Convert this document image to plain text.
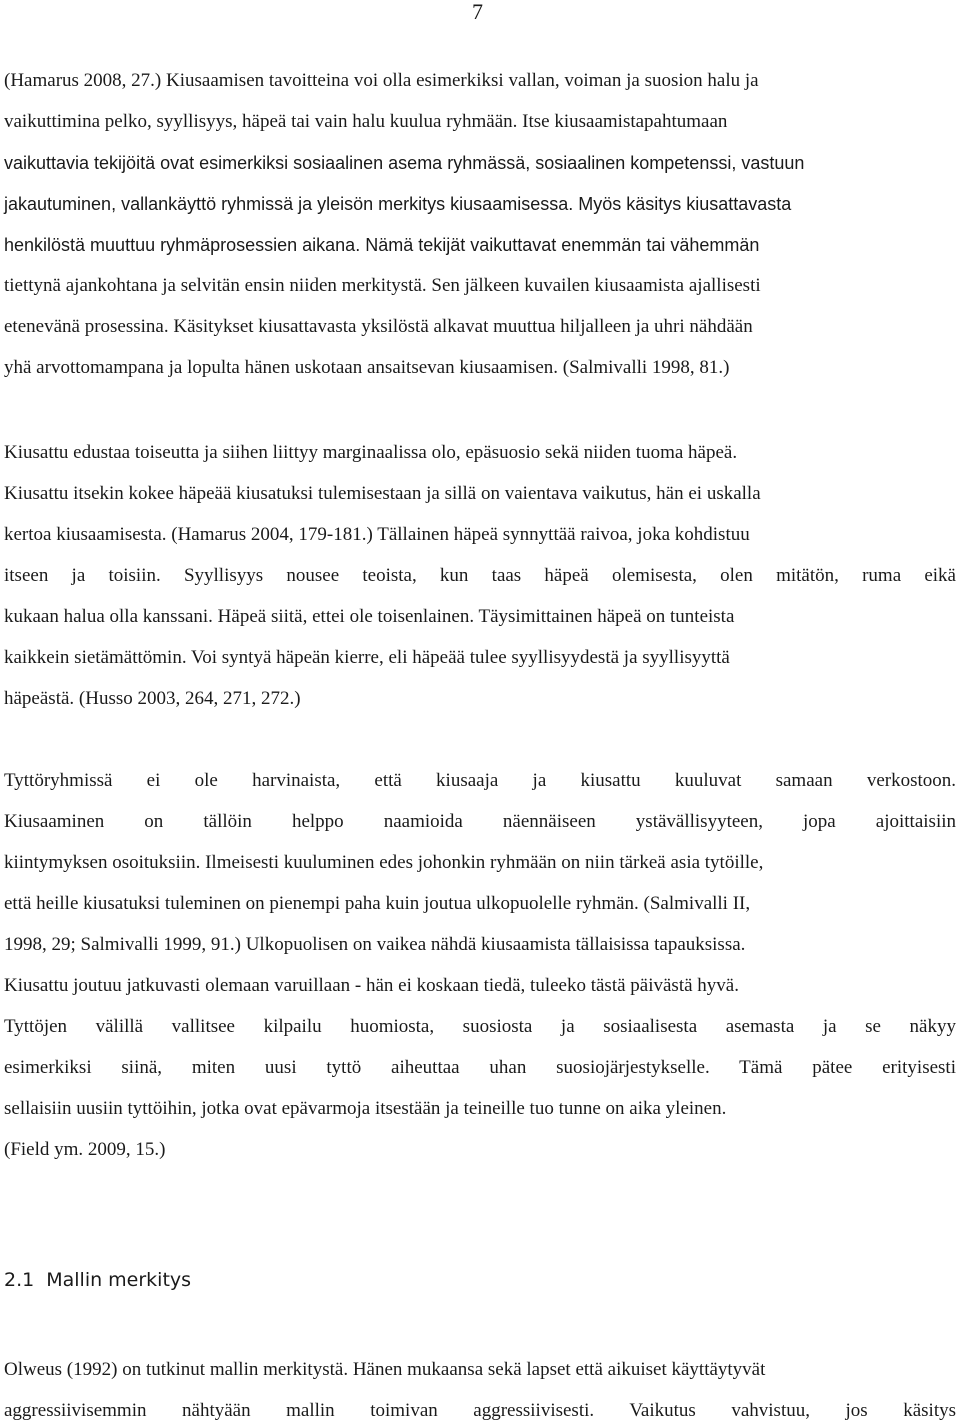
7
(Hamarus 2008, 27.) Kiusaamisen tavoitteina voi olla esimerkiksi vallan, voiman ja suosion halu ja
vaikuttimina pelko, syyllisyys, häpeä tai vain halu kuulua ryhmään. Itse kiusaamistapahtumaan
vaikuttavia tekijöitä ovat esimerkiksi sosiaalinen asema ryhmässä, sosiaalinen kompetenssi, vastuun
jakautuminen, vallankäyttö ryhmissä ja yleisön merkitys kiusaamisessa. Myös käsitys kiusattavasta
henkilöstä muuttuu ryhmäprosessien aikana. Nämä tekijät vaikuttavat enemmän tai vähemmän
tiettynä ajankohtana ja selvitän ensin niiden merkitystä. Sen jälkeen kuvailen kiusaamista ajallisesti
etenevänä prosessina. Käsitykset kiusattavasta yksilöstä alkavat muuttua hiljalleen ja uhri nähdään
yhä arvottomampana ja lopulta hänen uskotaan ansaitsevan kiusaamisen. (Salmivalli 1998, 81.)
Kiusattu edustaa toiseutta ja siihen liittyy marginaalissa olo, epäsuosio sekä niiden tuoma häpeä.
Kiusattu itsekin kokee häpeää kiusatuksi tulemisestaan ja sillä on vaientava vaikutus, hän ei uskalla
kertoa kiusaamisesta. (Hamarus 2004, 179-181.) Tällainen häpeä synnyttää raivoa, joka kohdistuu
itseen ja toisiin. Syyllisyys nousee teoista, kun taas häpeä olemisesta, olen mitätön, ruma eikä
kukaan halua olla kanssani. Häpeä siitä, ettei ole toisenlainen. Täysimittainen häpeä on tunteista
kaikkein sietämättömin. Voi syntyä häpeän kierre, eli häpeää tulee syyllisyydestä ja syyllisyyttä
häpeästä. (Husso 2003, 264, 271, 272.)
Tyttöryhmissä ei ole harvinaista, että kiusaaja ja kiusattu kuuluvat samaan verkostoon.
Kiusaaminen on tällöin helppo naamioida näennäiseen ystävällisyyteen, jopa ajoittaisiin
kiintymyksen osoituksiin. Ilmeisesti kuuluminen edes johonkin ryhmään on niin tärkeä asia tytöille,
että heille kiusatuksi tuleminen on pienempi paha kuin joutua ulkopuolelle ryhmän. (Salmivalli II,
1998, 29; Salmivalli 1999, 91.) Ulkopuolisen on vaikea nähdä kiusaamista tällaisissa tapauksissa.
Kiusattu joutuu jatkuvasti olemaan varuillaan - hän ei koskaan tiedä, tuleeko tästä päivästä hyvä.
Tyttöjen välillä vallitsee kilpailu huomiosta, suosiosta ja sosiaalisesta asemasta ja se näkyy
esimerkiksi siinä, miten uusi tyttö aiheuttaa uhan suosiojärjestykselle. Tämä pätee erityisesti
sellaisiin uusiin tyttöihin, jotka ovat epävarmoja itsestään ja teineille tuo tunne on aika yleinen.
(Field ym. 2009, 15.)
2.1 Mallin merkitys
Olweus (1992) on tutkinut mallin merkitystä. Hänen mukaansa sekä lapset että aikuiset käyttäytyvät
aggressiivisemmin nähtyään mallin toimivan aggressiivisesti. Vaikutus vahvistuu, jos käsitys
